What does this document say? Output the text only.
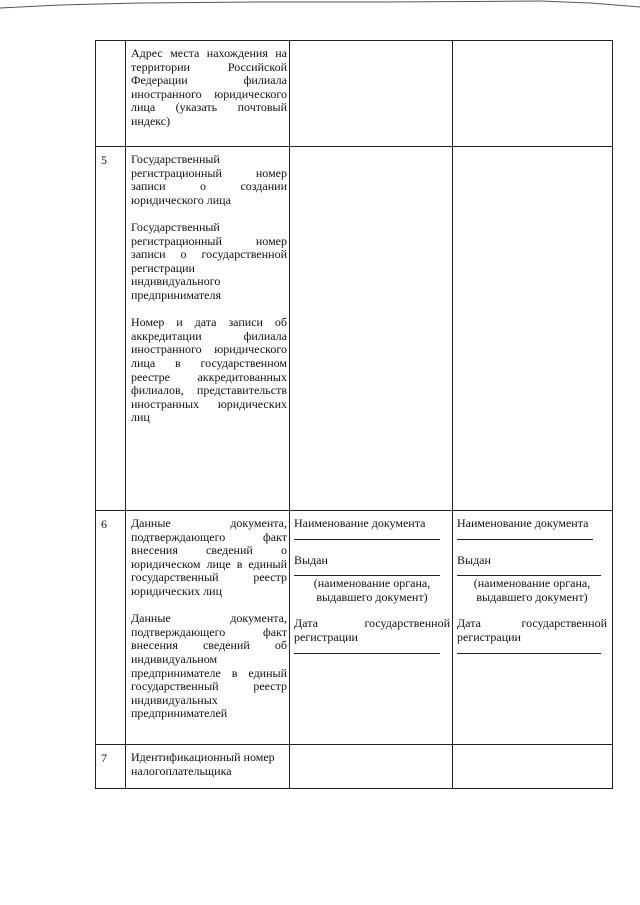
Адрес места нахождения на территории Российской Федерации филиала иностранного юридического лица (указать почтовый индекс)

5 Государственный регистрационный номер записи о создании юридического лица

Государственный регистрационный номер записи о государственной регистрации индивидуального предпринимателя

Номер и дата записи об аккредитации филиала иностранного юридического лица в государственном реестре аккредитованных филиалов, представительств иностранных юридических лиц

6 Данные документа, подтверждающего факт внесения сведений о юридическом лице в единый государственный реестр юридических лиц

Данные документа, подтверждающего факт внесения сведений об индивидуальном предпринимателе в единый государственный реестр индивидуальных предпринимателей

Наименование документа
Выдан
(наименование органа, выдавшего документ)
Дата	государственной
регистрации
Наименование документа
Выдан
(наименование органа, выдавшего документ)
Дата	государственной
регистрации
7 Идентификационный номер налогоплательщика
